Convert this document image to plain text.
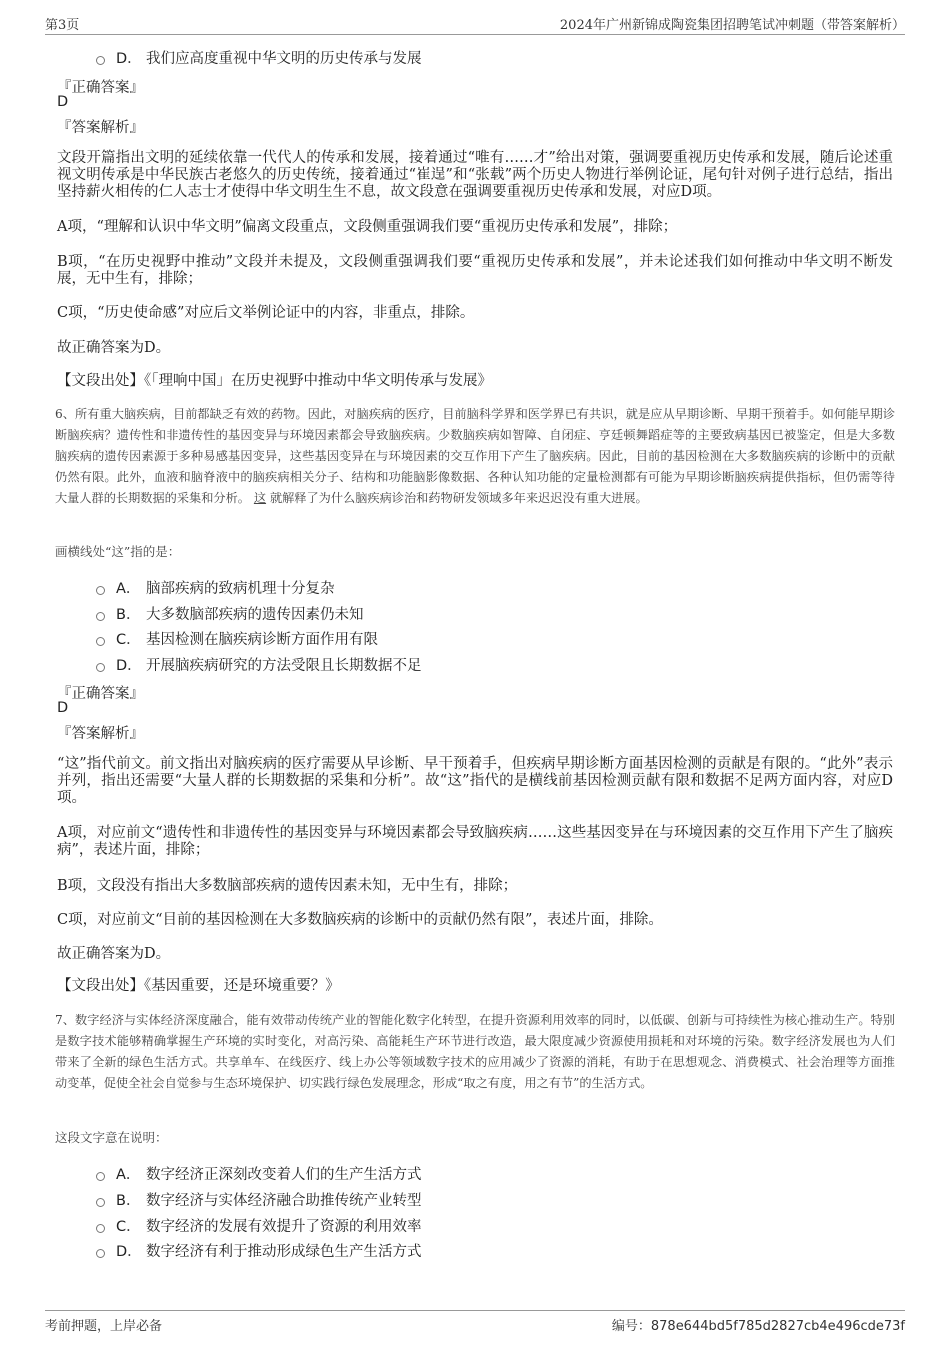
第3页	2024年广州新锦成陶瓷集团招聘笔试冲刺题（带答案解析）
D． 我们应高度重视中华文明的历史传承与发展
『正确答案』
D
『答案解析』
文段开篇指出文明的延续依靠一代代人的传承和发展，接着通过“唯有……才”给出对策，强调要重视历史传承和发展，随后论述重视文明传承是中华民族古老悠久的历史传统，接着通过“崔逞”和“张载”两个历史人物进行举例论证，尾句针对例子进行总结，指出坚持薪火相传的仁人志士才使得中华文明生生不息，故文段意在强调要重视历史传承和发展，对应D项。
A项，“理解和认识中华文明”偏离文段重点，文段侧重强调我们要“重视历史传承和发展”，排除；
B项，“在历史视野中推动”文段并未提及，文段侧重强调我们要“重视历史传承和发展”，并未论述我们如何推动中华文明不断发展，无中生有，排除；
C项，“历史使命感”对应后文举例论证中的内容，非重点，排除。
故正确答案为D。
【文段出处】《「理响中国」在历史视野中推动中华文明传承与发展》
6、所有重大脑疾病，目前都缺乏有效的药物。因此，对脑疾病的医疗，目前脑科学界和医学界已有共识，就是应从早期诊断、早期干预着手。如何能早期诊断脑疾病？遗传性和非遗传性的基因变异与环境因素都会导致脑疾病。少数脑疾病如智障、自闭症、亨廷顿舞蹈症等的主要致病基因已被鉴定，但是大多数脑疾病的遗传因素源于多种易感基因变异，这些基因变异在与环境因素的交互作用下产生了脑疾病。因此，目前的基因检测在大多数脑疾病的诊断中的贡献仍然有限。此外，血液和脑脊液中的脑疾病相关分子、结构和功能脑影像数据、各种认知功能的定量检测都有可能为早期诊断脑疾病提供指标，但仍需等待大量人群的长期数据的采集和分析。 这 就解释了为什么脑疾病诊治和药物研发领域多年来迟迟没有重大进展。
画横线处“这”指的是：
A． 脑部疾病的致病机理十分复杂
B． 大多数脑部疾病的遗传因素仍未知
C． 基因检测在脑疾病诊断方面作用有限
D． 开展脑疾病研究的方法受限且长期数据不足
『正确答案』
D
『答案解析』
“这”指代前文。前文指出对脑疾病的医疗需要从早诊断、早干预着手，但疾病早期诊断方面基因检测的贡献是有限的。“此外”表示并列，指出还需要“大量人群的长期数据的采集和分析”。故“这”指代的是横线前基因检测贡献有限和数据不足两方面内容，对应D项。
A项，对应前文“遗传性和非遗传性的基因变异与环境因素都会导致脑疾病……这些基因变异在与环境因素的交互作用下产生了脑疾病”，表述片面，排除；
B项，文段没有指出大多数脑部疾病的遗传因素未知，无中生有，排除；
C项，对应前文“目前的基因检测在大多数脑疾病的诊断中的贡献仍然有限”，表述片面，排除。
故正确答案为D。
【文段出处】《基因重要，还是环境重要？》
7、数字经济与实体经济深度融合，能有效带动传统产业的智能化数字化转型，在提升资源利用效率的同时，以低碳、创新与可持续性为核心推动生产。特别是数字技术能够精确掌握生产环境的实时变化，对高污染、高能耗生产环节进行改造，最大限度减少资源使用损耗和对环境的污染。数字经济发展也为人们带来了全新的绿色生活方式。共享单车、在线医疗、线上办公等领域数字技术的应用减少了资源的消耗，有助于在思想观念、消费模式、社会治理等方面推动变革，促使全社会自觉参与生态环境保护、切实践行绿色发展理念，形成“取之有度，用之有节”的生活方式。
这段文字意在说明：
A． 数字经济正深刻改变着人们的生产生活方式
B． 数字经济与实体经济融合助推传统产业转型
C． 数字经济的发展有效提升了资源的利用效率
D． 数字经济有利于推动形成绿色生产生活方式
考前押题，上岸必备	编号：878e644bd5f785d2827cb4e496cde73f
